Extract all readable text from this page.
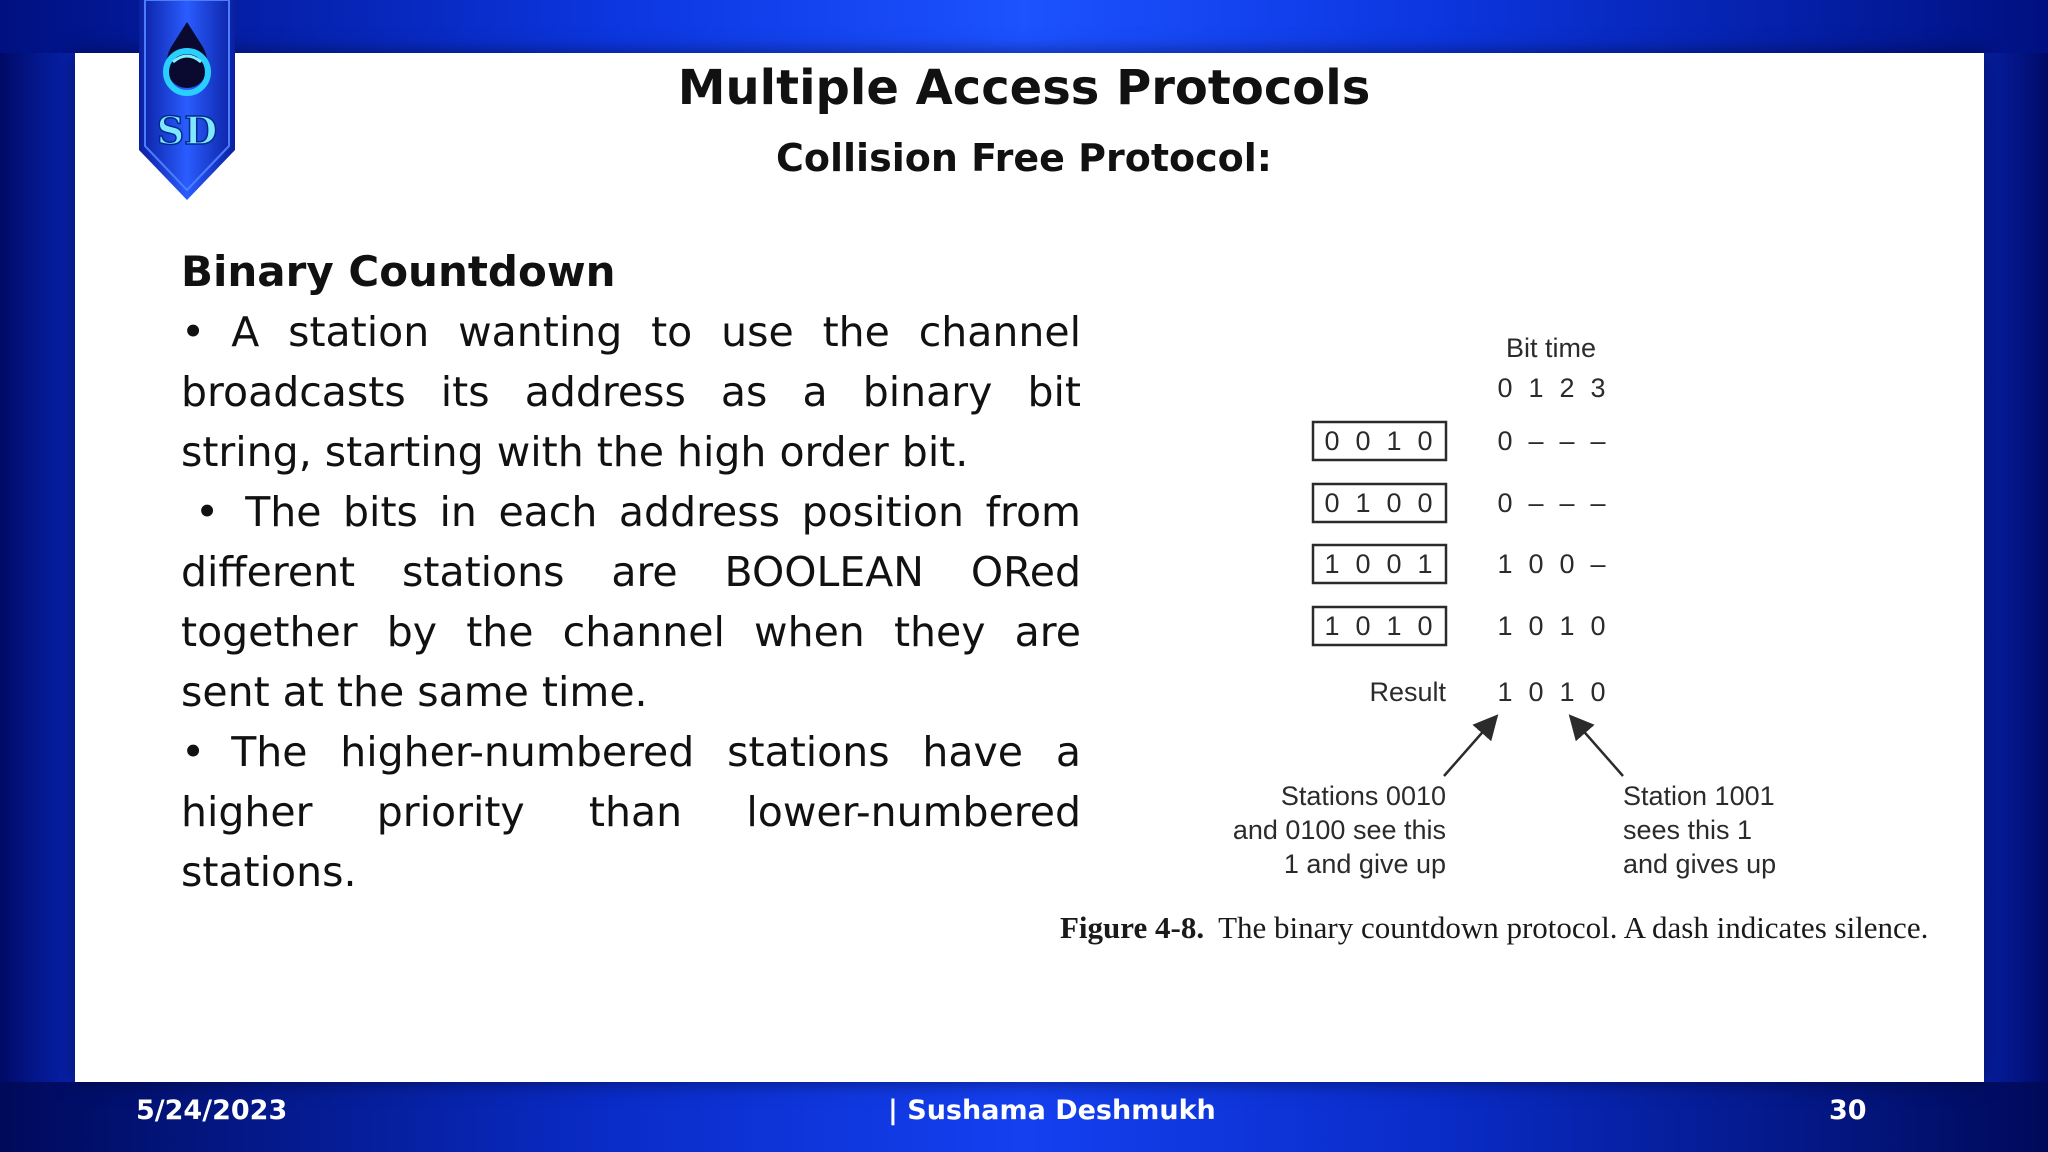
SD
Multiple Access Protocols
Collision Free Protocol:
Binary Countdown
• A station wanting to use the channel broadcasts its address as a binary bit string, starting with the high order bit.
• The bits in each address position from different stations are BOOLEAN ORed together by the channel when they are sent at the same time.
• The higher-numbered stations have a higher priority than lower-numbered stations.
Bit time
0 1 2 3
0 0 1 0 0 – – –
0 1 0 0 0 – – –
1 0 0 1 1 0 0 –
1 0 1 0 1 0 1 0
Result 1 0 1 0
Stations 0010
and 0100 see this
1 and give up
Station 1001
sees this 1
and gives up
Figure 4-8. The binary countdown protocol. A dash indicates silence.
5/24/2023	| Sushama Deshmukh	30
